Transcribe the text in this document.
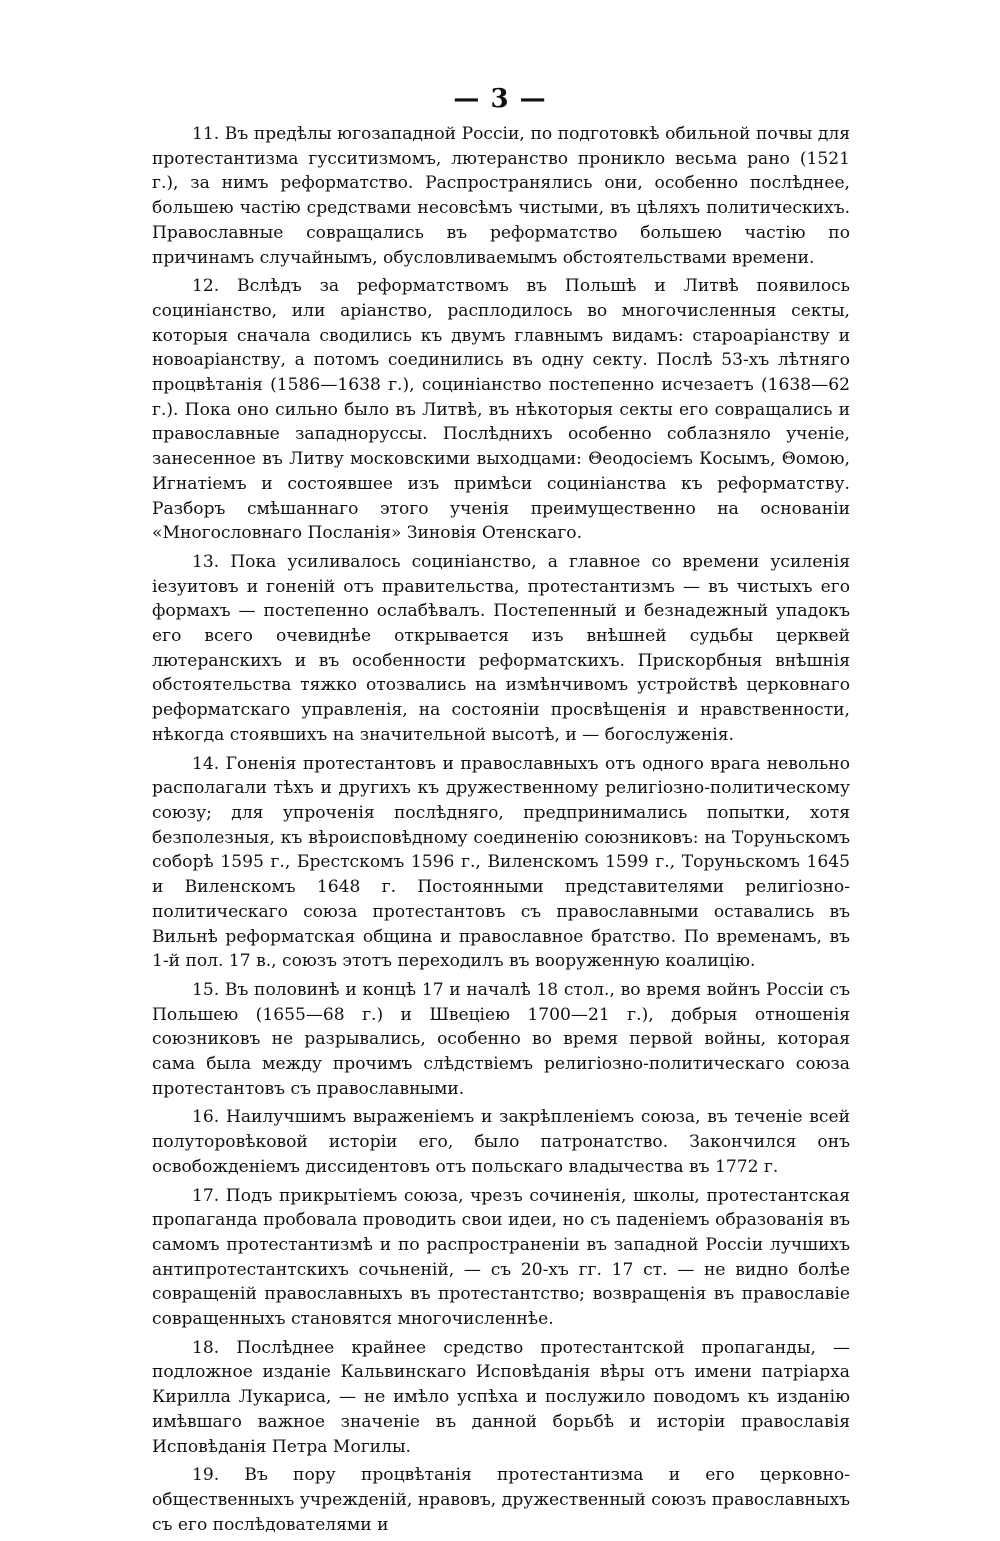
— 3 —

11. Въ предѣлы югозападной Россіи, по подготовкѣ обильной почвы для протестантизма гусситизмомъ, лютеранство проникло весьма рано (1521 г.), за нимъ реформатство. Распространялись они, особенно послѣднее, большею частію средствами несовсѣмъ чистыми, въ цѣляхъ политическихъ. Православные совращались въ реформатство большею частію по причинамъ случайнымъ, обусловливаемымъ обстоятельствами времени.

12. Вслѣдъ за реформатствомъ въ Польшѣ и Литвѣ появилось социніанство, или аріанство, расплодилось во многочисленныя секты, которыя сначала сводились къ двумъ главнымъ видамъ: староаріанству и новоаріанству, а потомъ соединились въ одну секту. Послѣ 53-хъ лѣтняго процвѣтанія (1586—1638 г.), социніанство постепенно исчезаетъ (1638—62 г.). Пока оно сильно было въ Литвѣ, въ нѣкоторыя секты его совращались и православные западноруссы. Послѣднихъ особенно соблазняло ученіе, занесенное въ Литву московскими выходцами: Θеодосіемъ Косымъ, Θомою, Игнатіемъ и состоявшее изъ примѣси социніанства къ реформатству. Разборъ смѣшаннаго этого ученія преимущественно на основаніи «Многословнаго Посланія» Зиновія Отенскаго.

13. Пока усиливалось социніанство, а главное со времени усиленія іезуитовъ и гоненій отъ правительства, протестантизмъ — въ чистыхъ его формахъ — постепенно ослабѣвалъ. Постепенный и безнадежный упадокъ его всего очевиднѣе открывается изъ внѣшней судьбы церквей лютеранскихъ и въ особенности реформатскихъ. Прискорбныя внѣшнія обстоятельства тяжко отозвались на измѣнчивомъ устройствѣ церковнаго реформатскаго управленія, на состояніи просвѣщенія и нравственности, нѣкогда стоявшихъ на значительной высотѣ, и — богослуженія.

14. Гоненія протестантовъ и православныхъ отъ одного врага невольно располагали тѣхъ и другихъ къ дружественному религіозно-политическому союзу; для упроченія послѣдняго, предпринимались попытки, хотя безполезныя, къ вѣроисповѣдному соединенію союзниковъ: на Торуньскомъ соборѣ 1595 г., Брестскомъ 1596 г., Виленскомъ 1599 г., Торуньскомъ 1645 и Виленскомъ 1648 г. Постоянными представителями религіозно-политическаго союза протестантовъ съ православными оставались въ Вильнѣ реформатская община и православное братство. По временамъ, въ 1-й пол. 17 в., союзъ этотъ переходилъ въ вооруженную коалицію.

15. Въ половинѣ и концѣ 17 и началѣ 18 стол., во время войнъ Россіи съ Польшею (1655—68 г.) и Швеціею 1700—21 г.), добрыя отношенія союзниковъ не разрывались, особенно во время первой войны, которая сама была между прочимъ слѣдствіемъ религіозно-политическаго союза протестантовъ съ православными.

16. Наилучшимъ выраженіемъ и закрѣпленіемъ союза, въ теченіе всей полуторовѣковой исторіи его, было патронатство. Закончился онъ освобожденіемъ диссидентовъ отъ польскаго владычества въ 1772 г.

17. Подъ прикрытіемъ союза, чрезъ сочиненія, школы, протестантская пропаганда пробовала проводить свои идеи, но съ паденіемъ образованія въ самомъ протестантизмѣ и по распространеніи въ западной Россіи лучшихъ антипротестантскихъ сочьненій, — съ 20-хъ гг. 17 ст. — не видно болѣе совращеній православныхъ въ протестантство; возвращенія въ православіе совращенныхъ становятся многочисленнѣе.

18. Послѣднее крайнее средство протестантской пропаганды, — подложное изданіе Кальвинскаго Исповѣданія вѣры отъ имени патріарха Кирилла Лукариса, — не имѣло успѣха и послужило поводомъ къ изданію имѣвшаго важное значеніе въ данной борьбѣ и исторіи православія Исповѣданія Петра Могилы.

19. Въ пору процвѣтанія протестантизма и его церковно-общественныхъ учрежденій, нравовъ, дружественный союзъ православныхъ съ его послѣдователями и
